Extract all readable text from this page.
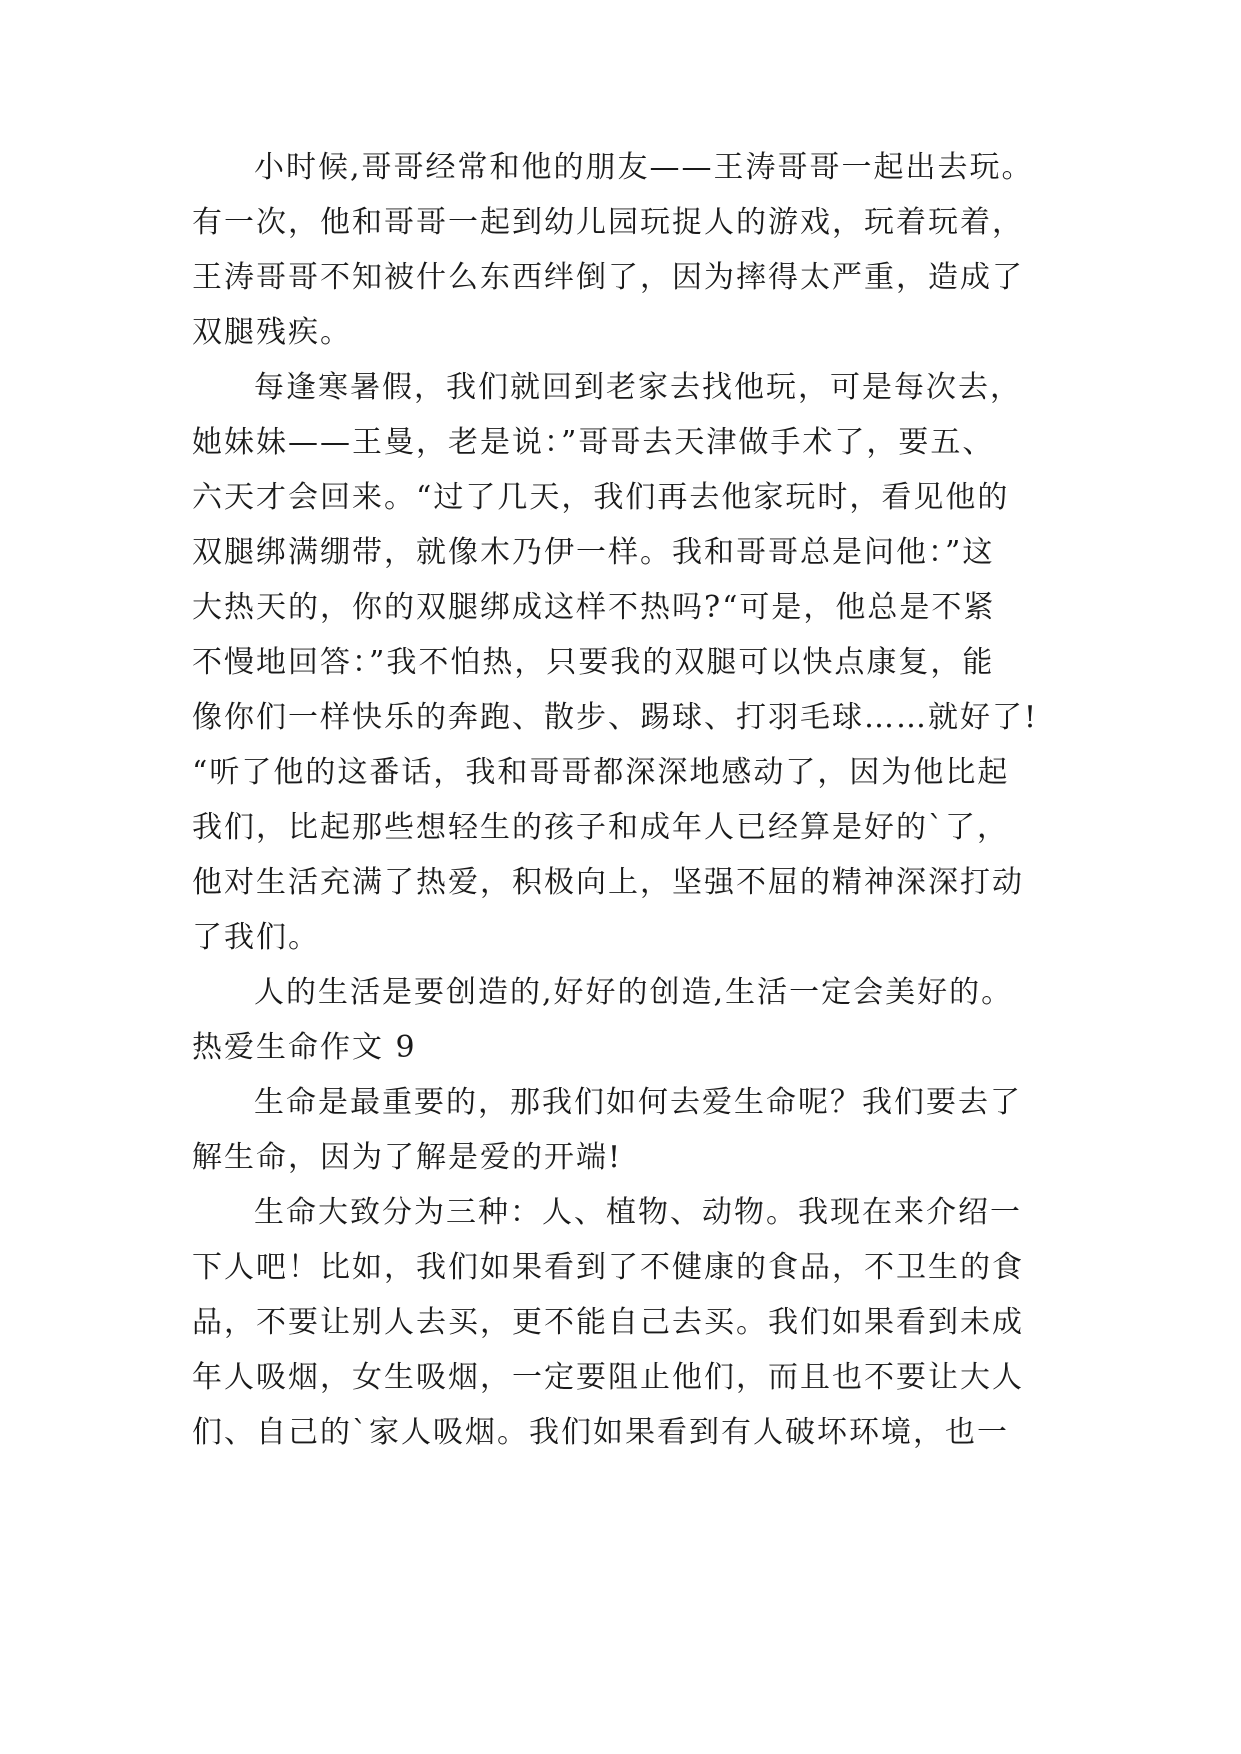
小时候,哥哥经常和他的朋友——王涛哥哥一起出去玩。
有一次，他和哥哥一起到幼儿园玩捉人的游戏，玩着玩着，
王涛哥哥不知被什么东西绊倒了，因为摔得太严重，造成了
双腿残疾。
每逢寒暑假，我们就回到老家去找他玩，可是每次去，
她妹妹——王曼，老是说：”哥哥去天津做手术了，要五、
六天才会回来。“过了几天，我们再去他家玩时，看见他的
双腿绑满绷带，就像木乃伊一样。我和哥哥总是问他：”这
大热天的，你的双腿绑成这样不热吗?“可是，他总是不紧
不慢地回答：”我不怕热，只要我的双腿可以快点康复，能
像你们一样快乐的奔跑、散步、踢球、打羽毛球……就好了!
“听了他的这番话，我和哥哥都深深地感动了，因为他比起
我们，比起那些想轻生的孩子和成年人已经算是好的`了，
他对生活充满了热爱，积极向上，坚强不屈的精神深深打动
了我们。
人的生活是要创造的,好好的创造,生活一定会美好的。
热爱生命作文 9
生命是最重要的，那我们如何去爱生命呢？我们要去了
解生命，因为了解是爱的开端!
生命大致分为三种：人、植物、动物。我现在来介绍一
下人吧！比如，我们如果看到了不健康的食品，不卫生的食
品，不要让别人去买，更不能自己去买。我们如果看到未成
年人吸烟，女生吸烟，一定要阻止他们，而且也不要让大人
们、自己的`家人吸烟。我们如果看到有人破坏环境，也一
